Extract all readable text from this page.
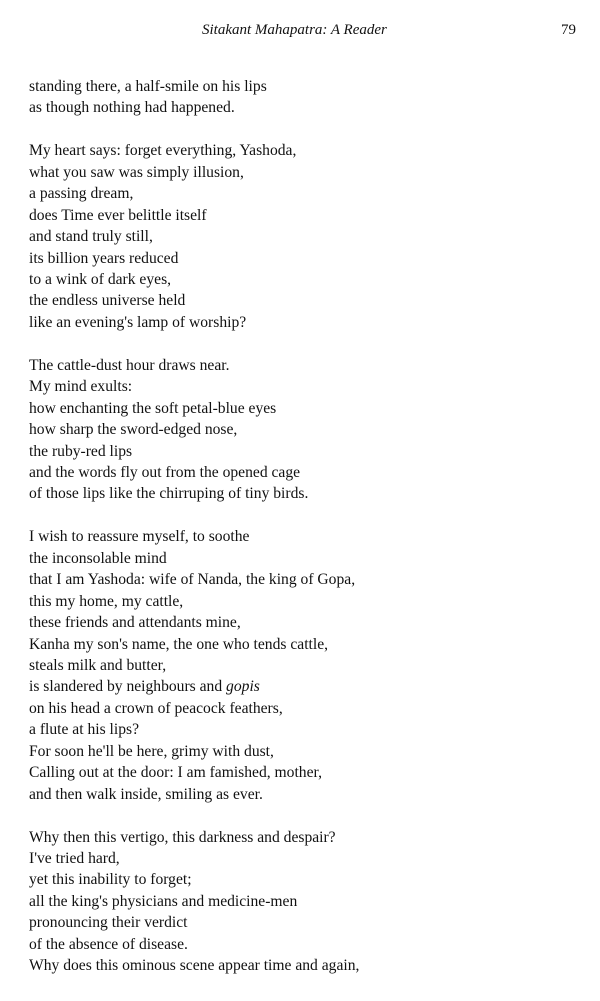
Sitakant Mahapatra: A Reader	79
standing there, a half-smile on his lips
as though nothing had happened.
My heart says: forget everything, Yashoda,
what you saw was simply illusion,
a passing dream,
does Time ever belittle itself
and stand truly still,
its billion years reduced
to a wink of dark eyes,
the endless universe held
like an evening's lamp of worship?
The cattle-dust hour draws near.
My mind exults:
how enchanting the soft petal-blue eyes
how sharp the sword-edged nose,
the ruby-red lips
and the words fly out from the opened cage
of those lips like the chirruping of tiny birds.
I wish to reassure myself, to soothe
the inconsolable mind
that I am Yashoda: wife of Nanda, the king of Gopa,
this my home, my cattle,
these friends and attendants mine,
Kanha my son's name, the one who tends cattle,
steals milk and butter,
is slandered by neighbours and gopis
on his head a crown of peacock feathers,
a flute at his lips?
For soon he'll be here, grimy with dust,
Calling out at the door: I am famished, mother,
and then walk inside, smiling as ever.
Why then this vertigo, this darkness and despair?
I've tried hard,
yet this inability to forget;
all the king's physicians and medicine-men
pronouncing their verdict
of the absence of disease.
Why does this ominous scene appear time and again,
